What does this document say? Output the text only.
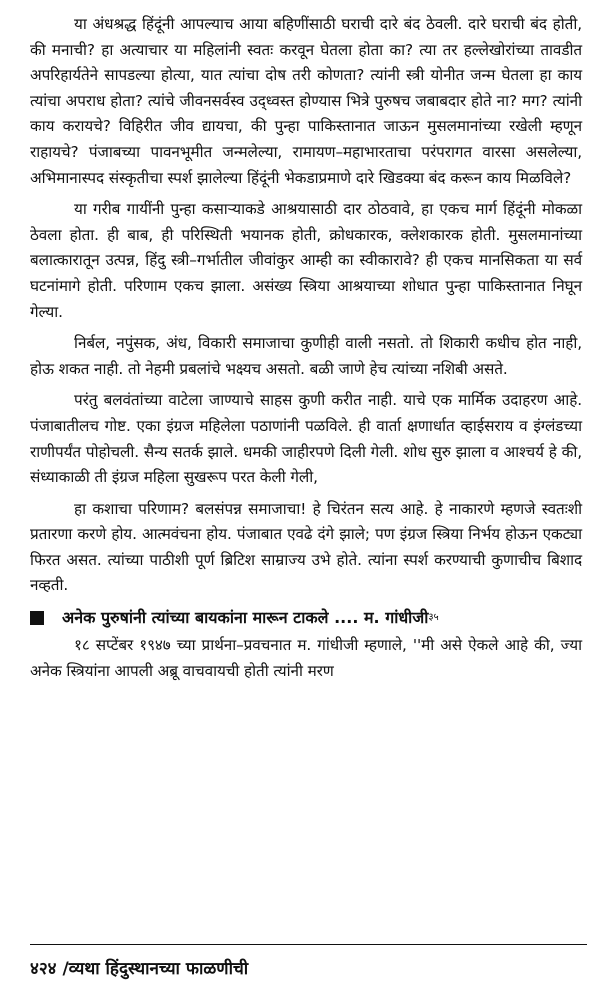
या अंधश्रद्ध हिंदूंनी आपल्याच आया बहिणींसाठी घराची दारे बंद ठेवली. दारे घराची बंद होती, की मनाची? हा अत्याचार या महिलांनी स्वतः करवून घेतला होता का? त्या तर हल्लेखोरांच्या तावडीत अपरिहार्यतेने सापडल्या होत्या, यात त्यांचा दोष तरी कोणता? त्यांनी स्त्री योनीत जन्म घेतला हा काय त्यांचा अपराध होता? त्यांचे जीवनसर्वस्व उद्ध्वस्त होण्यास भित्रे पुरुषच जबाबदार होते ना? मग? त्यांनी काय करायचे? विहिरीत जीव द्यायचा, की पुन्हा पाकिस्तानात जाऊन मुसलमानांच्या रखेली म्हणून राहायचे? पंजाबच्या पावनभूमीत जन्मलेल्या, रामायण–महाभारताचा परंपरागत वारसा असलेल्या, अभिमानास्पद संस्कृतीचा स्पर्श झालेल्या हिंदूंनी भेकडाप्रमाणे दारे खिडक्या बंद करून काय मिळविले?

या गरीब गायींनी पुन्हा कसाऱ्याकडे आश्रयासाठी दार ठोठवावे, हा एकच मार्ग हिंदूंनी मोकळा ठेवला होता. ही बाब, ही परिस्थिती भयानक होती, क्रोधकारक, क्लेशकारक होती. मुसलमानांच्या बलात्कारातून उत्पन्न, हिंदु स्त्री–गर्भातील जीवांकुर आम्ही का स्वीकारावे? ही एकच मानसिकता या सर्व घटनांमागे होती. परिणाम एकच झाला. असंख्य स्त्रिया आश्रयाच्या शोधात पुन्हा पाकिस्तानात निघून गेल्या.

निर्बल, नपुंसक, अंध, विकारी समाजाचा कुणीही वाली नसतो. तो शिकारी कधीच होत नाही, होऊ शकत नाही. तो नेहमी प्रबलांचे भक्ष्यच असतो. बळी जाणे हेच त्यांच्या नशिबी असते.

परंतु बलवंतांच्या वाटेला जाण्याचे साहस कुणी करीत नाही. याचे एक मार्मिक उदाहरण आहे. पंजाबातीलच गोष्ट. एका इंग्रज महिलेला पठाणांनी पळविले. ही वार्ता क्षणार्धात व्हाईसराय व इंग्लंडच्या राणीपर्यंत पोहोचली. सैन्य सतर्क झाले. धमकी जाहीरपणे दिली गेली. शोध सुरु झाला व आश्चर्य हे की, संध्याकाळी ती इंग्रज महिला सुखरूप परत केली गेली,

हा कशाचा परिणाम? बलसंपन्न समाजाचा! हे चिरंतन सत्य आहे. हे नाकारणे म्हणजे स्वतःशी प्रतारणा करणे होय. आत्मवंचना होय. पंजाबात एवढे दंगे झाले; पण इंग्रज स्त्रिया निर्भय होऊन एकट्या फिरत असत. त्यांच्या पाठीशी पूर्ण ब्रिटिश साम्राज्य उभे होते. त्यांना स्पर्श करण्याची कुणाचीच बिशाद नव्हती.

अनेक पुरुषांनी त्यांच्या बायकांना मारून टाकले .... म. गांधीजी ३५

१८ सप्टेंबर १९४७ च्या प्रार्थना–प्रवचनात म. गांधीजी म्हणाले, ''मी असे ऐकले आहे की, ज्या अनेक स्त्रियांना आपली अब्रू वाचवायची होती त्यांनी मरण

४२४ /व्यथा हिंदुस्थानच्या फाळणीची
